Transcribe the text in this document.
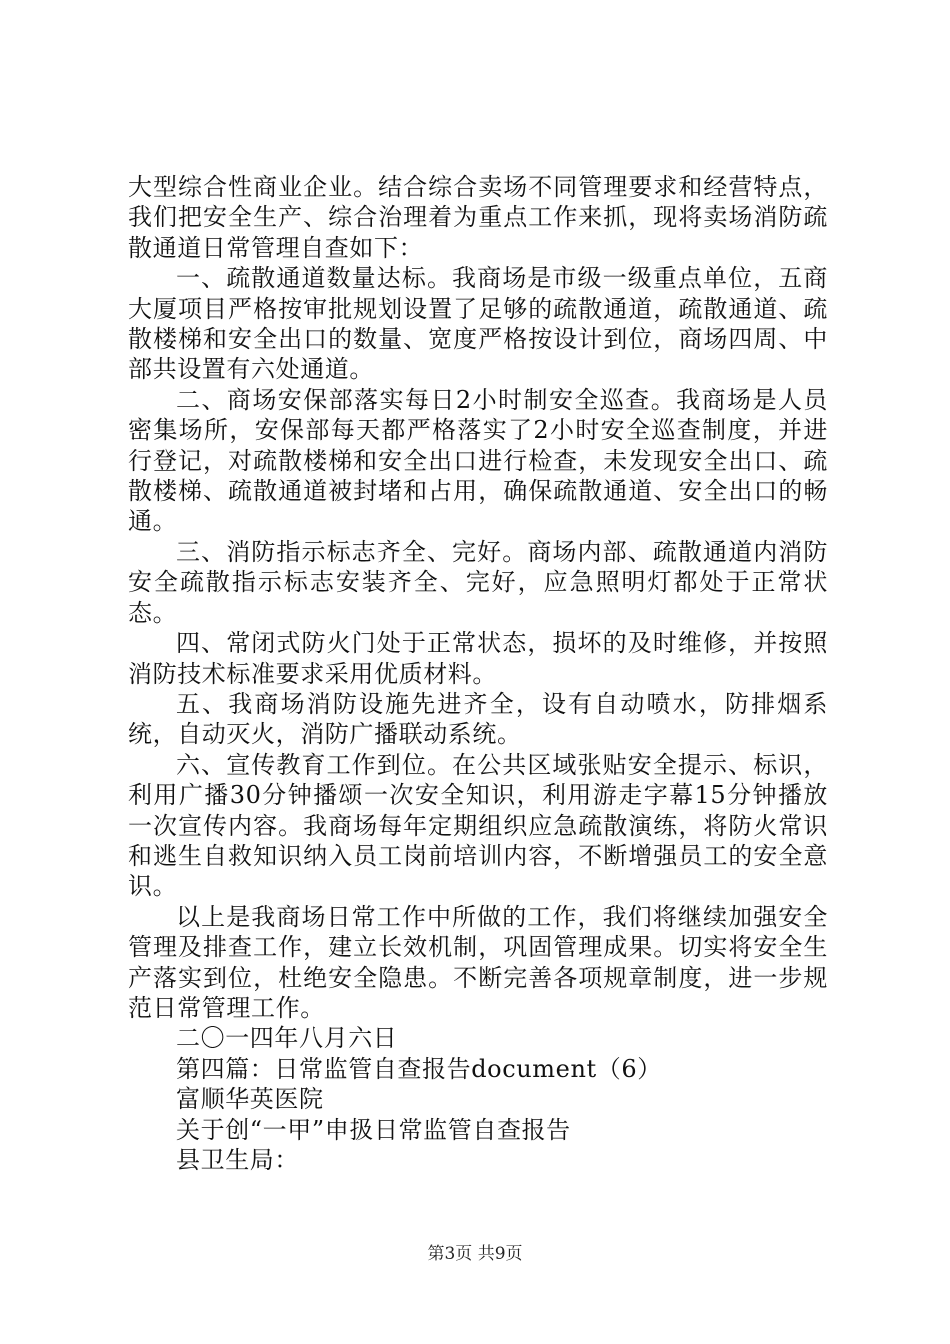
大型综合性商业企业。结合综合卖场不同管理要求和经营特点，我们把安全生产、综合治理着为重点工作来抓，现将卖场消防疏散通道日常管理自查如下：

一、疏散通道数量达标。我商场是市级一级重点单位，五商大厦项目严格按审批规划设置了足够的疏散通道，疏散通道、疏散楼梯和安全出口的数量、宽度严格按设计到位，商场四周、中部共设置有六处通道。

二、商场安保部落实每日2小时制安全巡查。我商场是人员密集场所，安保部每天都严格落实了2小时安全巡查制度，并进行登记，对疏散楼梯和安全出口进行检查，未发现安全出口、疏散楼梯、疏散通道被封堵和占用，确保疏散通道、安全出口的畅通。

三、消防指示标志齐全、完好。商场内部、疏散通道内消防安全疏散指示标志安装齐全、完好，应急照明灯都处于正常状态。

四、常闭式防火门处于正常状态，损坏的及时维修，并按照消防技术标准要求采用优质材料。

五、我商场消防设施先进齐全，设有自动喷水，防排烟系统，自动灭火，消防广播联动系统。

六、宣传教育工作到位。在公共区域张贴安全提示、标识，利用广播30分钟播颂一次安全知识，利用游走字幕15分钟播放一次宣传内容。我商场每年定期组织应急疏散演练，将防火常识和逃生自救知识纳入员工岗前培训内容，不断增强员工的安全意识。

以上是我商场日常工作中所做的工作，我们将继续加强安全管理及排查工作，建立长效机制，巩固管理成果。切实将安全生产落实到位，杜绝安全隐患。不断完善各项规章制度，进一步规范日常管理工作。

二〇一四年八月六日

第四篇：日常监管自查报告document（6）

富顺华英医院

关于创“一甲”申扱日常监管自查报告

县卫生局：

第3页 共9页
